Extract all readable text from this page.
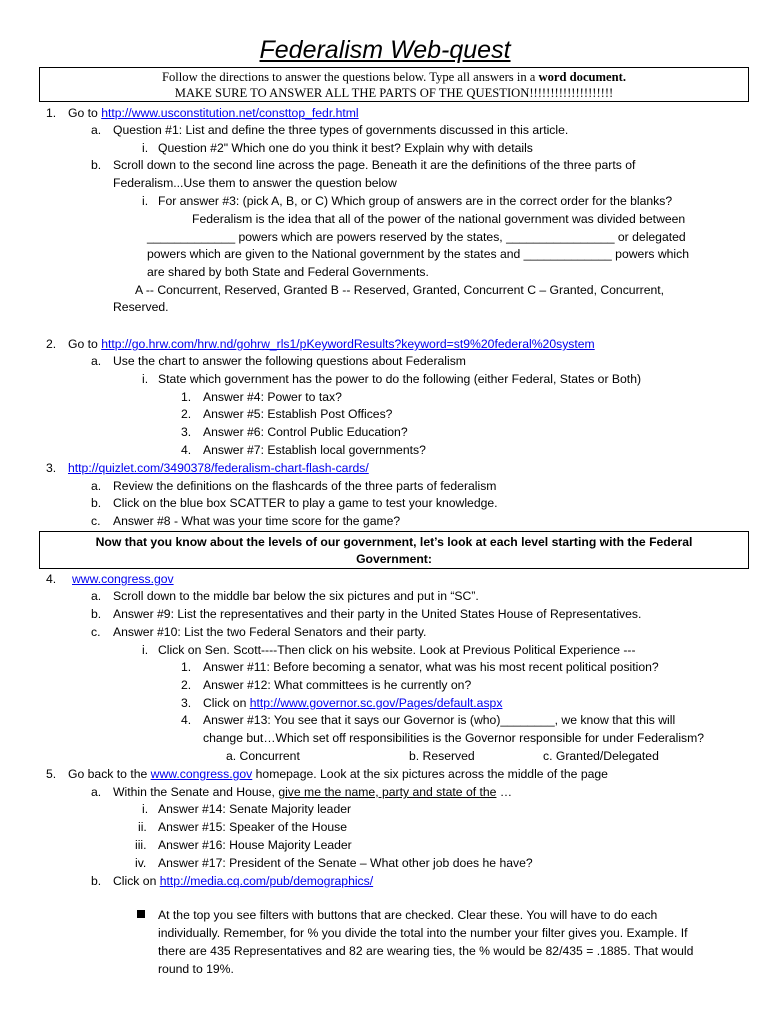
Federalism Web-quest
Follow the directions to answer the questions below. Type all answers in a word document.
MAKE SURE TO ANSWER ALL THE PARTS OF THE QUESTION!!!!!!!!!!!!!!!!!!!!
1. Go to http://www.usconstitution.net/consttop_fedr.html
a. Question #1: List and define the three types of governments discussed in this article.
i. Question #2" Which one do you think it best? Explain why with details
b. Scroll down to the second line across the page. Beneath it are the definitions of the three parts of
Federalism...Use them to answer the question below
i. For answer #3: (pick A, B, or C) Which group of answers are in the correct order for the blanks?
Federalism is the idea that all of the power of the national government was divided between
_____________ powers which are powers reserved by the states, ________________ or delegated
powers which are given to the National government by the states and _____________ powers which
are shared by both State and Federal Governments.
A -- Concurrent, Reserved, Granted B -- Reserved, Granted, Concurrent C – Granted, Concurrent,
Reserved.
2. Go to http://go.hrw.com/hrw.nd/gohrw_rls1/pKeywordResults?keyword=st9%20federal%20system
a. Use the chart to answer the following questions about Federalism
i. State which government has the power to do the following (either Federal, States or Both)
1. Answer #4: Power to tax?
2. Answer #5: Establish Post Offices?
3. Answer #6: Control Public Education?
4. Answer #7: Establish local governments?
3. http://quizlet.com/3490378/federalism-chart-flash-cards/
a. Review the definitions on the flashcards of the three parts of federalism
b. Click on the blue box SCATTER to play a game to test your knowledge.
c. Answer #8 - What was your time score for the game?
Now that you know about the levels of our government, let’s look at each level starting with the Federal
Government:
4. www.congress.gov
a. Scroll down to the middle bar below the six pictures and put in “SC”.
b. Answer #9: List the representatives and their party in the United States House of Representatives.
c. Answer #10: List the two Federal Senators and their party.
i. Click on Sen. Scott----Then click on his website. Look at Previous Political Experience ---
1. Answer #11: Before becoming a senator, what was his most recent political position?
2. Answer #12: What committees is he currently on?
3. Click on http://www.governor.sc.gov/Pages/default.aspx
4. Answer #13: You see that it says our Governor is (who)________, we know that this will
change but…Which set off responsibilities is the Governor responsible for under Federalism?
a. Concurrent	b. Reserved	c. Granted/Delegated
5. Go back to the www.congress.gov homepage. Look at the six pictures across the middle of the page
a. Within the Senate and House, give me the name, party and state of the …
i. Answer #14: Senate Majority leader
ii. Answer #15: Speaker of the House
iii. Answer #16: House Majority Leader
iv. Answer #17: President of the Senate – What other job does he have?
b. Click on http://media.cq.com/pub/demographics/
At the top you see filters with buttons that are checked. Clear these. You will have to do each
individually. Remember, for % you divide the total into the number your filter gives you. Example. If
there are 435 Representatives and 82 are wearing ties, the % would be 82/435 = .1885. That would
round to 19%.
